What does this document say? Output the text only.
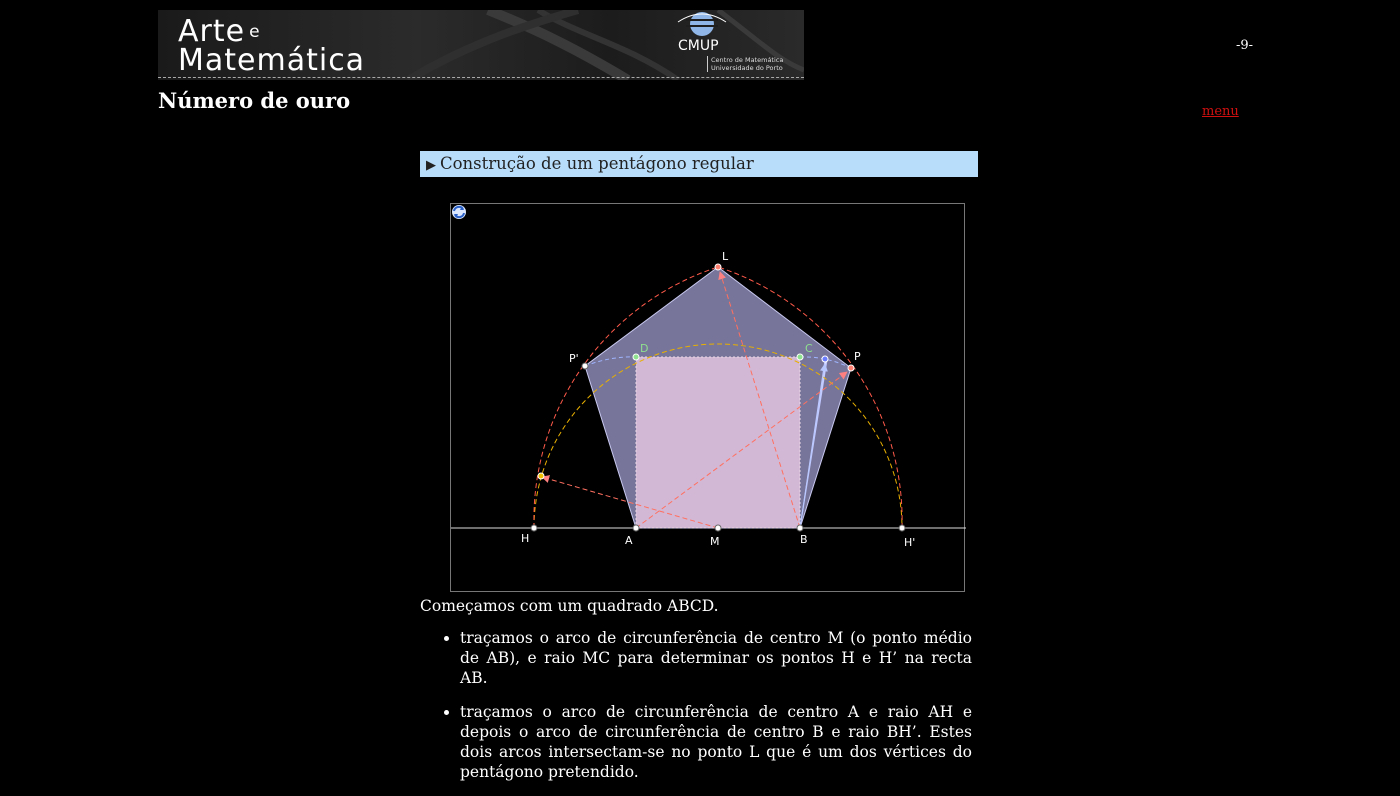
Arte e
Matemática	CMUP
Centro de Matemática
Universidade do Porto
-9-
Número de ouro	menu
▶ Construção de um pentágono regular
L
P
P'
D	C
H	A	M	B	H'

Começamos com um quadrado ABCD.

• traçamos o arco de circunferência de centro M (o ponto médio de AB), e raio MC para determinar os pontos H e H’ na recta AB.
• traçamos o arco de circunferência de centro A e raio AH e depois o arco de circunferência de centro B e raio BH’. Estes dois arcos intersectam-se no ponto L que é um dos vértices do pentágono pretendido.
